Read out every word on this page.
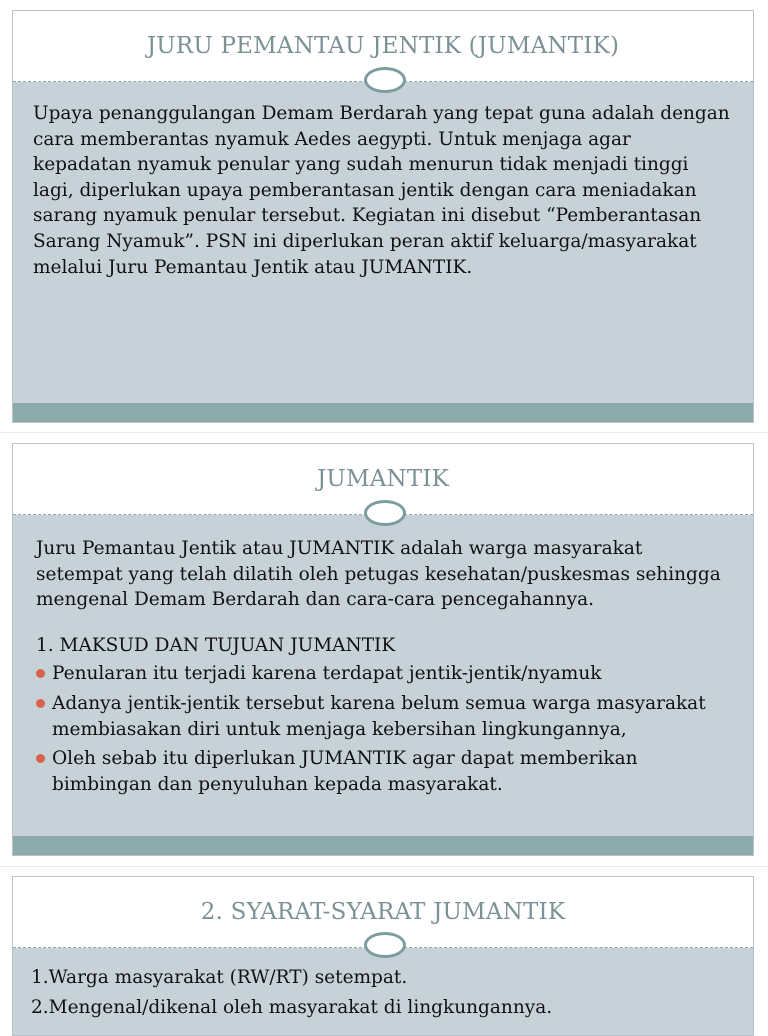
JURU PEMANTAU JENTIK (JUMANTIK)

Upaya penanggulangan Demam Berdarah yang tepat guna adalah dengan cara memberantas nyamuk Aedes aegypti. Untuk menjaga agar kepadatan nyamuk penular yang sudah menurun tidak menjadi tinggi lagi, diperlukan upaya pemberantasan jentik dengan cara meniadakan sarang nyamuk penular tersebut. Kegiatan ini disebut “Pemberantasan Sarang Nyamuk”. PSN ini diperlukan peran aktif keluarga/masyarakat melalui Juru Pemantau Jentik atau JUMANTIK.

JUMANTIK

Juru Pemantau Jentik atau JUMANTIK adalah warga masyarakat setempat yang telah dilatih oleh petugas kesehatan/puskesmas sehingga mengenal Demam Berdarah dan cara-cara pencegahannya.

1. MAKSUD DAN TUJUAN JUMANTIK

Penularan itu terjadi karena terdapat jentik-jentik/nyamuk
Adanya jentik-jentik tersebut karena belum semua warga masyarakat membiasakan diri untuk menjaga kebersihan lingkungannya,
Oleh sebab itu diperlukan JUMANTIK agar dapat memberikan bimbingan dan penyuluhan kepada masyarakat.
2. SYARAT-SYARAT JUMANTIK
1.Warga masyarakat (RW/RT) setempat.
2.Mengenal/dikenal oleh masyarakat di lingkungannya.
